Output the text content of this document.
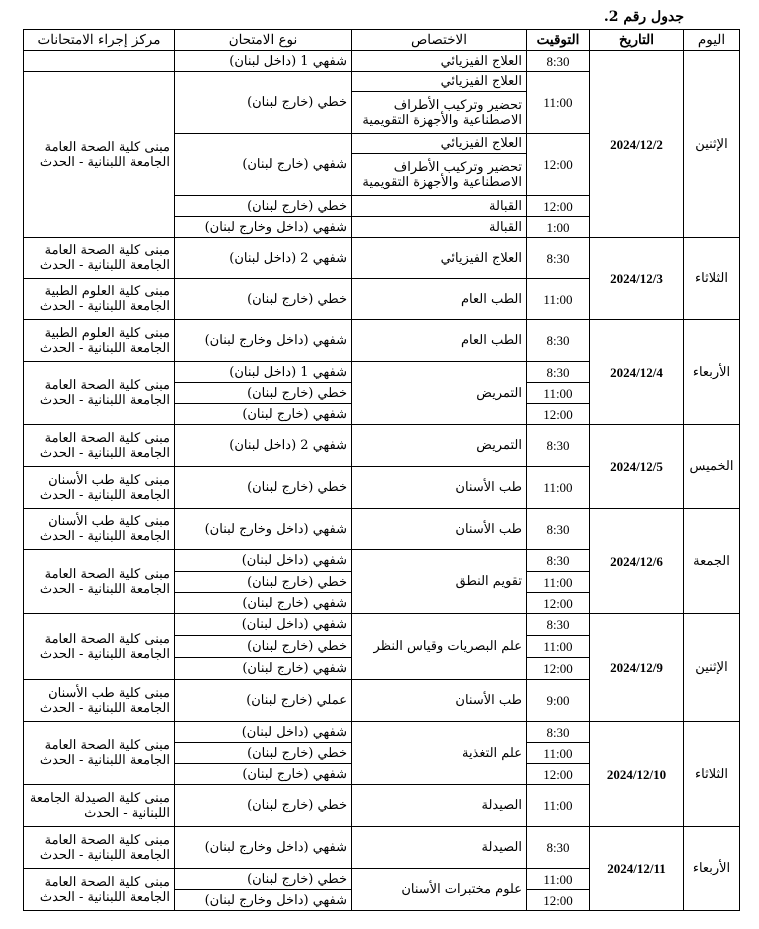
جدول رقم 2.
اليوم	التاريخ	التوقيت	الاختصاص	نوع الامتحان	مركز إجراء الامتحانات
الإثنين	2024/12/2	8:30	العلاج الفيزيائي	شفهي 1 (داخل لبنان)	
		11:00	العلاج الفيزيائي	خطي (خارج لبنان)	مبنى كلية الصحة العامة الجامعة اللبنانية - الحدث
			تحضير وتركيب الأطراف الاصطناعية والأجهزة التقويمية		
		12:00	العلاج الفيزيائي	شفهي (خارج لبنان)	
			تحضير وتركيب الأطراف الاصطناعية والأجهزة التقويمية		
		12:00	القبالة	خطي (خارج لبنان)	
		1:00	القبالة	شفهي (داخل وخارج لبنان)	

الثلاثاء	2024/12/3	8:30	العلاج الفيزيائي	شفهي 2 (داخل لبنان)	مبنى كلية الصحة العامة الجامعة اللبنانية - الحدث
		11:00	الطب العام	خطي (خارج لبنان)	مبنى كلية العلوم الطبية الجامعة اللبنانية - الحدث
الأربعاء	2024/12/4	8:30	الطب العام	شفهي (داخل وخارج لبنان)	مبنى كلية العلوم الطبية الجامعة اللبنانية - الحدث
		8:30	التمريض	شفهي 1 (داخل لبنان)	مبنى كلية الصحة العامة الجامعة اللبنانية - الحدث
		11:00		خطي (خارج لبنان)	
		12:00		شفهي (خارج لبنان)	
الخميس	2024/12/5	8:30	التمريض	شفهي 2 (داخل لبنان)	مبنى كلية الصحة العامة الجامعة اللبنانية - الحدث
		11:00	طب الأسنان	خطي (خارج لبنان)	مبنى كلية طب الأسنان الجامعة اللبنانية - الحدث

الجمعة	2024/12/6	8:30	طب الأسنان	شفهي (داخل وخارج لبنان)	مبنى كلية طب الأسنان الجامعة اللبنانية - الحدث
		8:30	تقويم النطق	شفهي (داخل لبنان)	مبنى كلية الصحة العامة الجامعة اللبنانية - الحدث
		11:00		خطي (خارج لبنان)	
		12:00		شفهي (خارج لبنان)	
الإثنين	2024/12/9	8:30	علم البصريات وقياس النظر	شفهي (داخل لبنان)	مبنى كلية الصحة العامة الجامعة اللبنانية - الحدث
		11:00		خطي (خارج لبنان)	
		12:00		شفهي (خارج لبنان)	
		9:00	طب الأسنان	عملي (خارج لبنان)	مبنى كلية طب الأسنان الجامعة اللبنانية - الحدث
الثلاثاء	2024/12/10	8:30	علم التغذية	شفهي (داخل لبنان)	مبنى كلية الصحة العامة الجامعة اللبنانية - الحدث
		11:00		خطي (خارج لبنان)	
		12:00		شفهي (خارج لبنان)	
		11:00	الصيدلة	خطي (خارج لبنان)	مبنى كلية الصيدلة الجامعة اللبنانية - الحدث
الأربعاء	2024/12/11	8:30	الصيدلة	شفهي (داخل وخارج لبنان)	مبنى كلية الصحة العامة الجامعة اللبنانية - الحدث
		11:00	علوم مختبرات الأسنان	خطي (خارج لبنان)	مبنى كلية الصحة العامة الجامعة اللبنانية - الحدث
		12:00		شفهي (داخل وخارج لبنان)	
